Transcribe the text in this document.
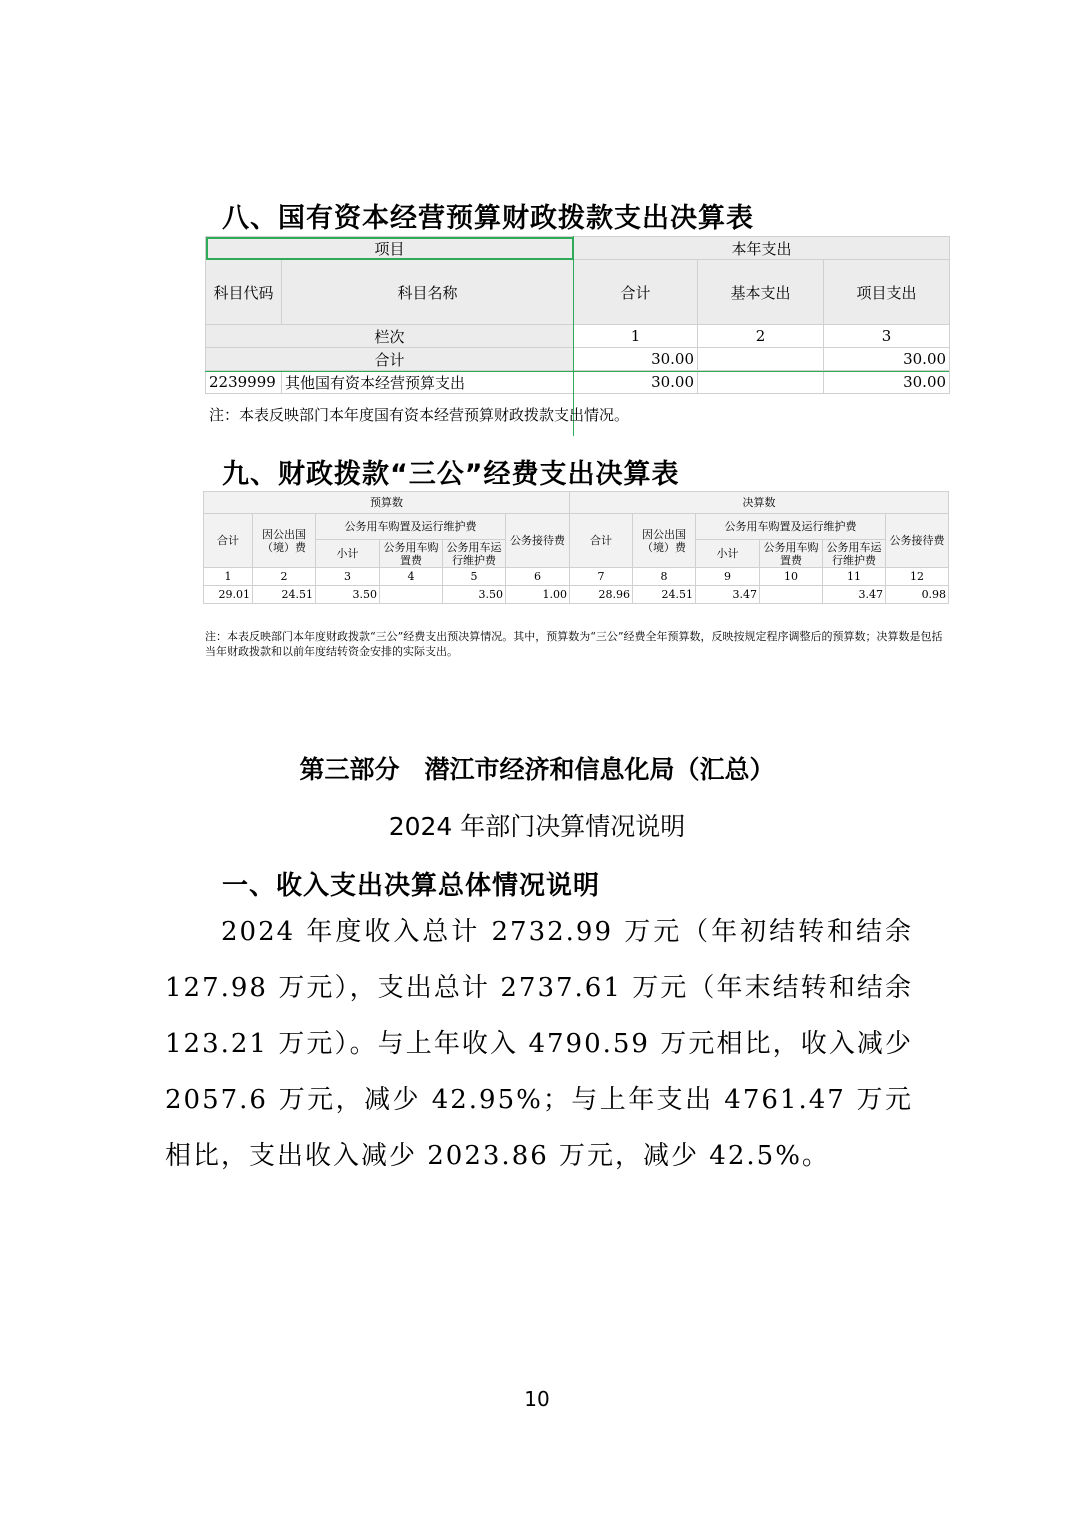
八、国有资本经营预算财政拨款支出决算表
项目		本年支出		
科目代码	科目名称	合计	基本支出	项目支出
栏次		1	2	3
合计		30.00		30.00
2239999	其他国有资本经营预算支出	30.00		30.00
注：本表反映部门本年度国有资本经营预算财政拨款支出情况。
九、财政拨款“三公”经费支出决算表
预算数						决算数					
合计	因公出国（境）费	公务用车购置及运行维护费			公务接待费	合计	因公出国（境）费	公务用车购置及运行维护费			公务接待费
		小计	公务用车购置费	公务用车运行维护费				小计	公务用车购置费	公务用车运行维护费	
1	2	3	4	5	6	7	8	9	10	11	12
29.01	24.51	3.50		3.50	1.00	28.96	24.51	3.47		3.47	0.98
注：本表反映部门本年度财政拨款“三公”经费支出预决算情况。其中，预算数为“三公”经费全年预算数，反映按规定程序调整后的预算数；决算数是包括当年财政拨款和以前年度结转资金安排的实际支出。
第三部分　潜江市经济和信息化局（汇总）
2024 年部门决算情况说明
一、收入支出决算总体情况说明
2024 年度收入总计 2732.99 万元（年初结转和结余 127.98 万元），支出总计 2737.61 万元（年末结转和结余 123.21 万元）。与上年收入 4790.59 万元相比，收入减少 2057.6 万元，减少 42.95%；与上年支出 4761.47 万元相比，支出收入减少 2023.86 万元，减少 42.5%。
10
